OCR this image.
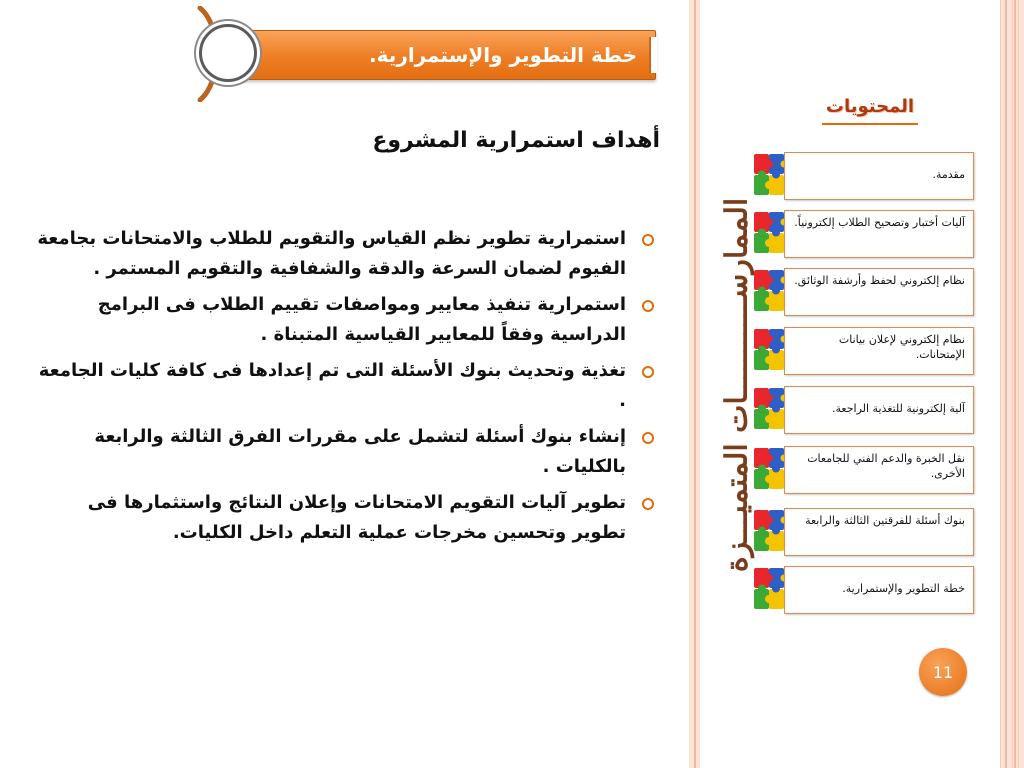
خطة التطوير والإستمرارية.
أهداف استمرارية المشروع
استمرارية تطوير نظم القياس والتقويم للطلاب والامتحانات بجامعة الفيوم لضمان السرعة والدقة والشفافية والتقويم المستمر .
استمرارية تنفيذ معايير ومواصفات تقييم الطلاب فى البرامج الدراسية وفقاً للمعايير القياسية المتبناة .
تغذية وتحديث بنوك الأسئلة التى تم إعدادها فى كافة كليات الجامعة .
إنشاء بنوك أسئلة لتشمل على مقررات الفرق الثالثة والرابعة بالكليات .
تطوير آليات التقويم الامتحانات وإعلان النتائج واستثمارها فى تطوير وتحسين مخرجات عملية التعلم داخل الكليات.	الممارســـــــــــات المتميـــزة
المحتويات
مقدمة.
آليات أختبار وتصحيح الطلاب إلكترونياً.
نظام إلكتروني لحفظ وأرشفة الوثائق.
نظام إلكتروني لإعلان بيانات الإمتحانات.
آلية إلكترونية للتغذية الراجعة.
نقل الخبرة والدعم الفني للجامعات الأخرى.
بنوك أسئلة للفرقتين الثالثة والرابعة
خطة التطوير والإستمرارية.
11
